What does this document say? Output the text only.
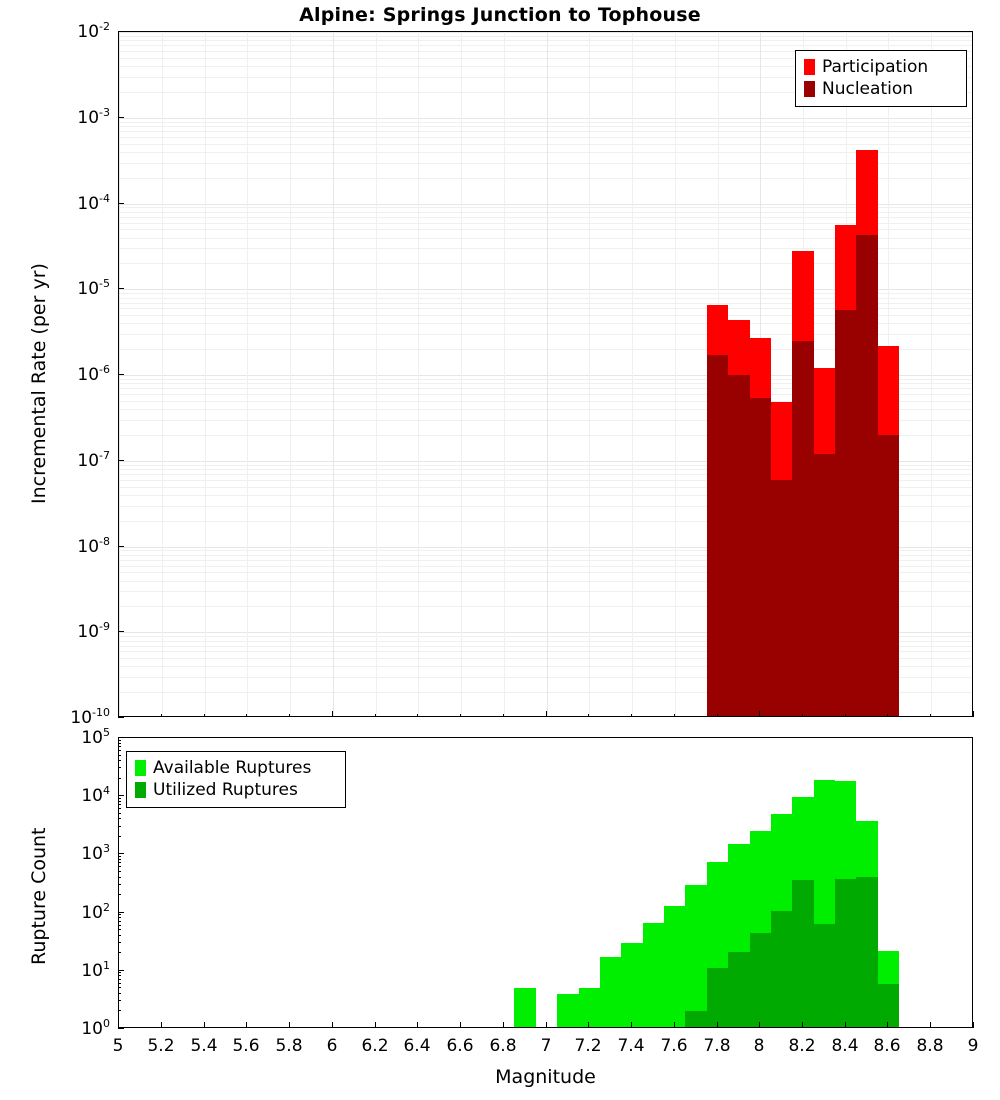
Alpine: Springs Junction to Tophouse
Incremental Rate (per yr)
Participation
Nucleation
Rupture Count
Magnitude
Available Ruptures
Utilized Ruptures
$10^{-10}$
$10^{-9}$
$10^{-8}$
$10^{-7}$
$10^{-6}$
$10^{-5}$
$10^{-4}$
$10^{-3}$
$10^{-2}$
$10^0$
$10^1$
$10^2$
$10^3$
$10^4$
$10^5$
5 5.2 5.4 5.6 5.8 6 6.2 6.4 6.6 6.8 7 7.2 7.4 7.6 7.8 8 8.2 8.4 8.6 8.8 9
